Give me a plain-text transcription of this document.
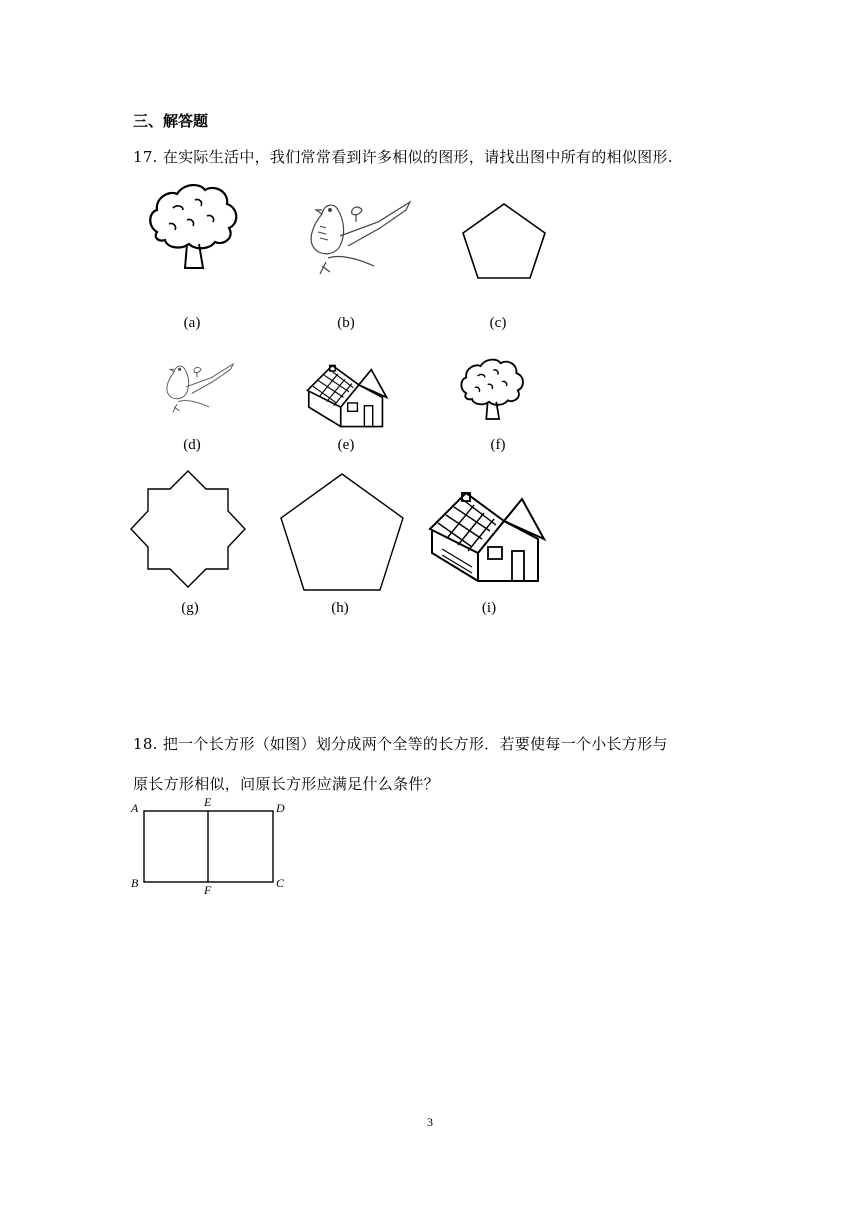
三、解答题
17. 在实际生活中，我们常常看到许多相似的图形，请找出图中所有的相似图形.
(a)	(b)	(c)
(d)	(e)	(f)
(g)	(h)	(i)
18. 把一个长方形（如图）划分成两个全等的长方形．若要使每一个小长方形与
原长方形相似，问原长方形应满足什么条件？
A	E	D
B	F	C
3
